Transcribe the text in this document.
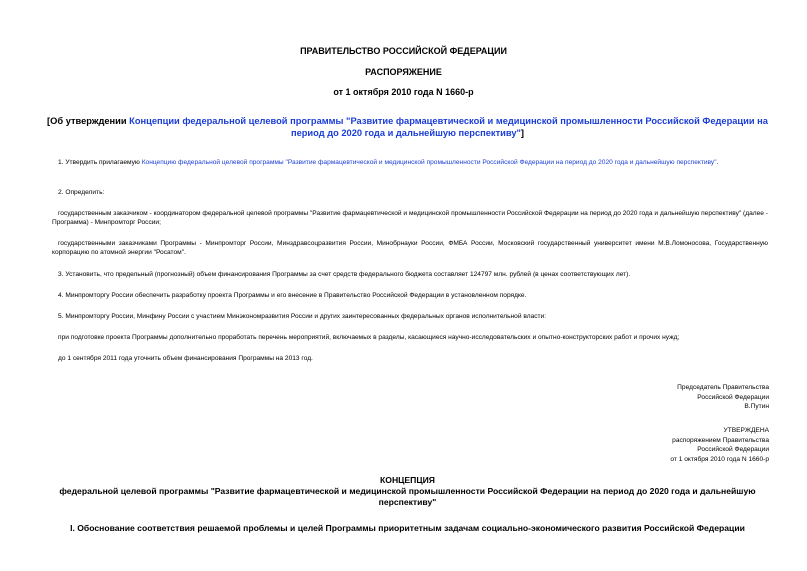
ПРАВИТЕЛЬСТВО РОССИЙСКОЙ ФЕДЕРАЦИИ
РАСПОРЯЖЕНИЕ
от 1 октября 2010 года N 1660-р
[Об утверждении Концепции федеральной целевой программы "Развитие фармацевтической и медицинской промышленности Российской Федерации на период до 2020 года и дальнейшую перспективу"]
1. Утвердить прилагаемую Концепцию федеральной целевой программы "Развитие фармацевтической и медицинской промышленности Российской Федерации на период до 2020 года и дальнейшую перспективу".
2. Определить:
государственным заказчиком - координатором федеральной целевой программы "Развитие фармацевтической и медицинской промышленности Российской Федерации на период до 2020 года и дальнейшую перспективу" (далее - Программа) - Минпромторг России;
государственными заказчиками Программы - Минпромторг России, Минздравсоцразвития России, Минобрнауки России, ФМБА России, Московский государственный университет имени М.В.Ломоносова, Государственную корпорацию по атомной энергии "Росатом".
3. Установить, что предельный (прогнозный) объем финансирования Программы за счет средств федерального бюджета составляет 124797 млн. рублей (в ценах соответствующих лет).
4. Минпромторгу России обеспечить разработку проекта Программы и его внесение в Правительство Российской Федерации в установленном порядке.
5. Минпромторгу России, Минфину России с участием Минэкономразвития России и других заинтересованных федеральных органов исполнительной власти:
при подготовке проекта Программы дополнительно проработать перечень мероприятий, включаемых в разделы, касающиеся научно-исследовательских и опытно-конструкторских работ и прочих нужд;
до 1 сентября 2011 года уточнить объем финансирования Программы на 2013 год.
Председатель Правительства
Российской Федерации
В.Путин
УТВЕРЖДЕНА
распоряжением Правительства
Российской Федерации
от 1 октября 2010 года N 1660-р
КОНЦЕПЦИЯ
федеральной целевой программы "Развитие фармацевтической и медицинской промышленности Российской Федерации на период до 2020 года и дальнейшую перспективу"
I. Обоснование соответствия решаемой проблемы и целей Программы приоритетным задачам социально-экономического развития Российской Федерации
